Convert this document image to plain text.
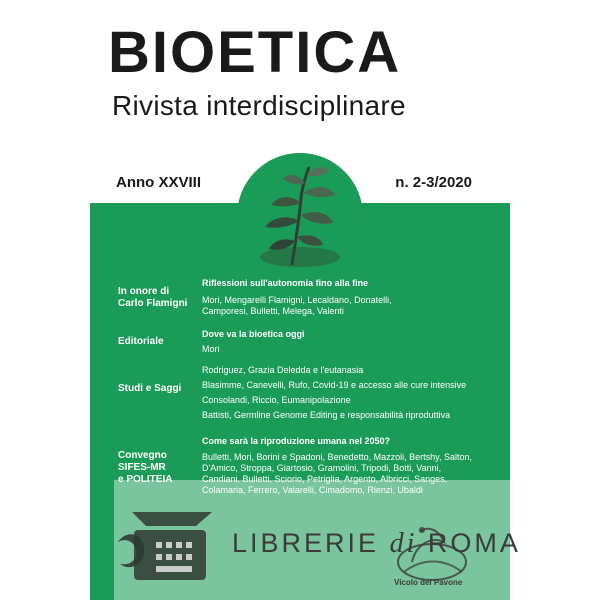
BIOETICA
Rivista interdisciplinare
Anno XXVIII	n. 2-3/2020
In onore di
Carlo Flamigni
Riflessioni sull'autonomia fino alla fine
Mori, Mengarelli Flamigni, Lecaldano, Donatelli,
Camporesi, Bulletti, Melega, Valenti
Editoriale
Dove va la bioetica oggi
Mori
Studi e Saggi
Rodriguez, Grazia Deledda e l'eutanasia
Blasimme, Canevelli, Rufo, Covid-19 e accesso alle cure intensive
Consolandi, Riccio, Eumanipolazione
Battisti, Germline Genome Editing e responsabilità riproduttiva
Convegno
SIFES-MR
e POLITEIA
Come sarà la riproduzione umana nel 2050?
Bulletti, Mori, Borini e Spadoni, Benedetto, Mazzoli, Bertshy, Salton,
D'Amico, Stroppa, Giartosio, Gramolini, Tripodi, Botti, Vanni,
Candiani, Bulletti, Sciorio, Petriglia, Argento, Albricci, Sanges,
Colamaria, Ferrero, Vaiarelli, Cimadomo, Rienzi, Ubaldi
LIBRERIE di ROMA
Vicolo del Pavone
